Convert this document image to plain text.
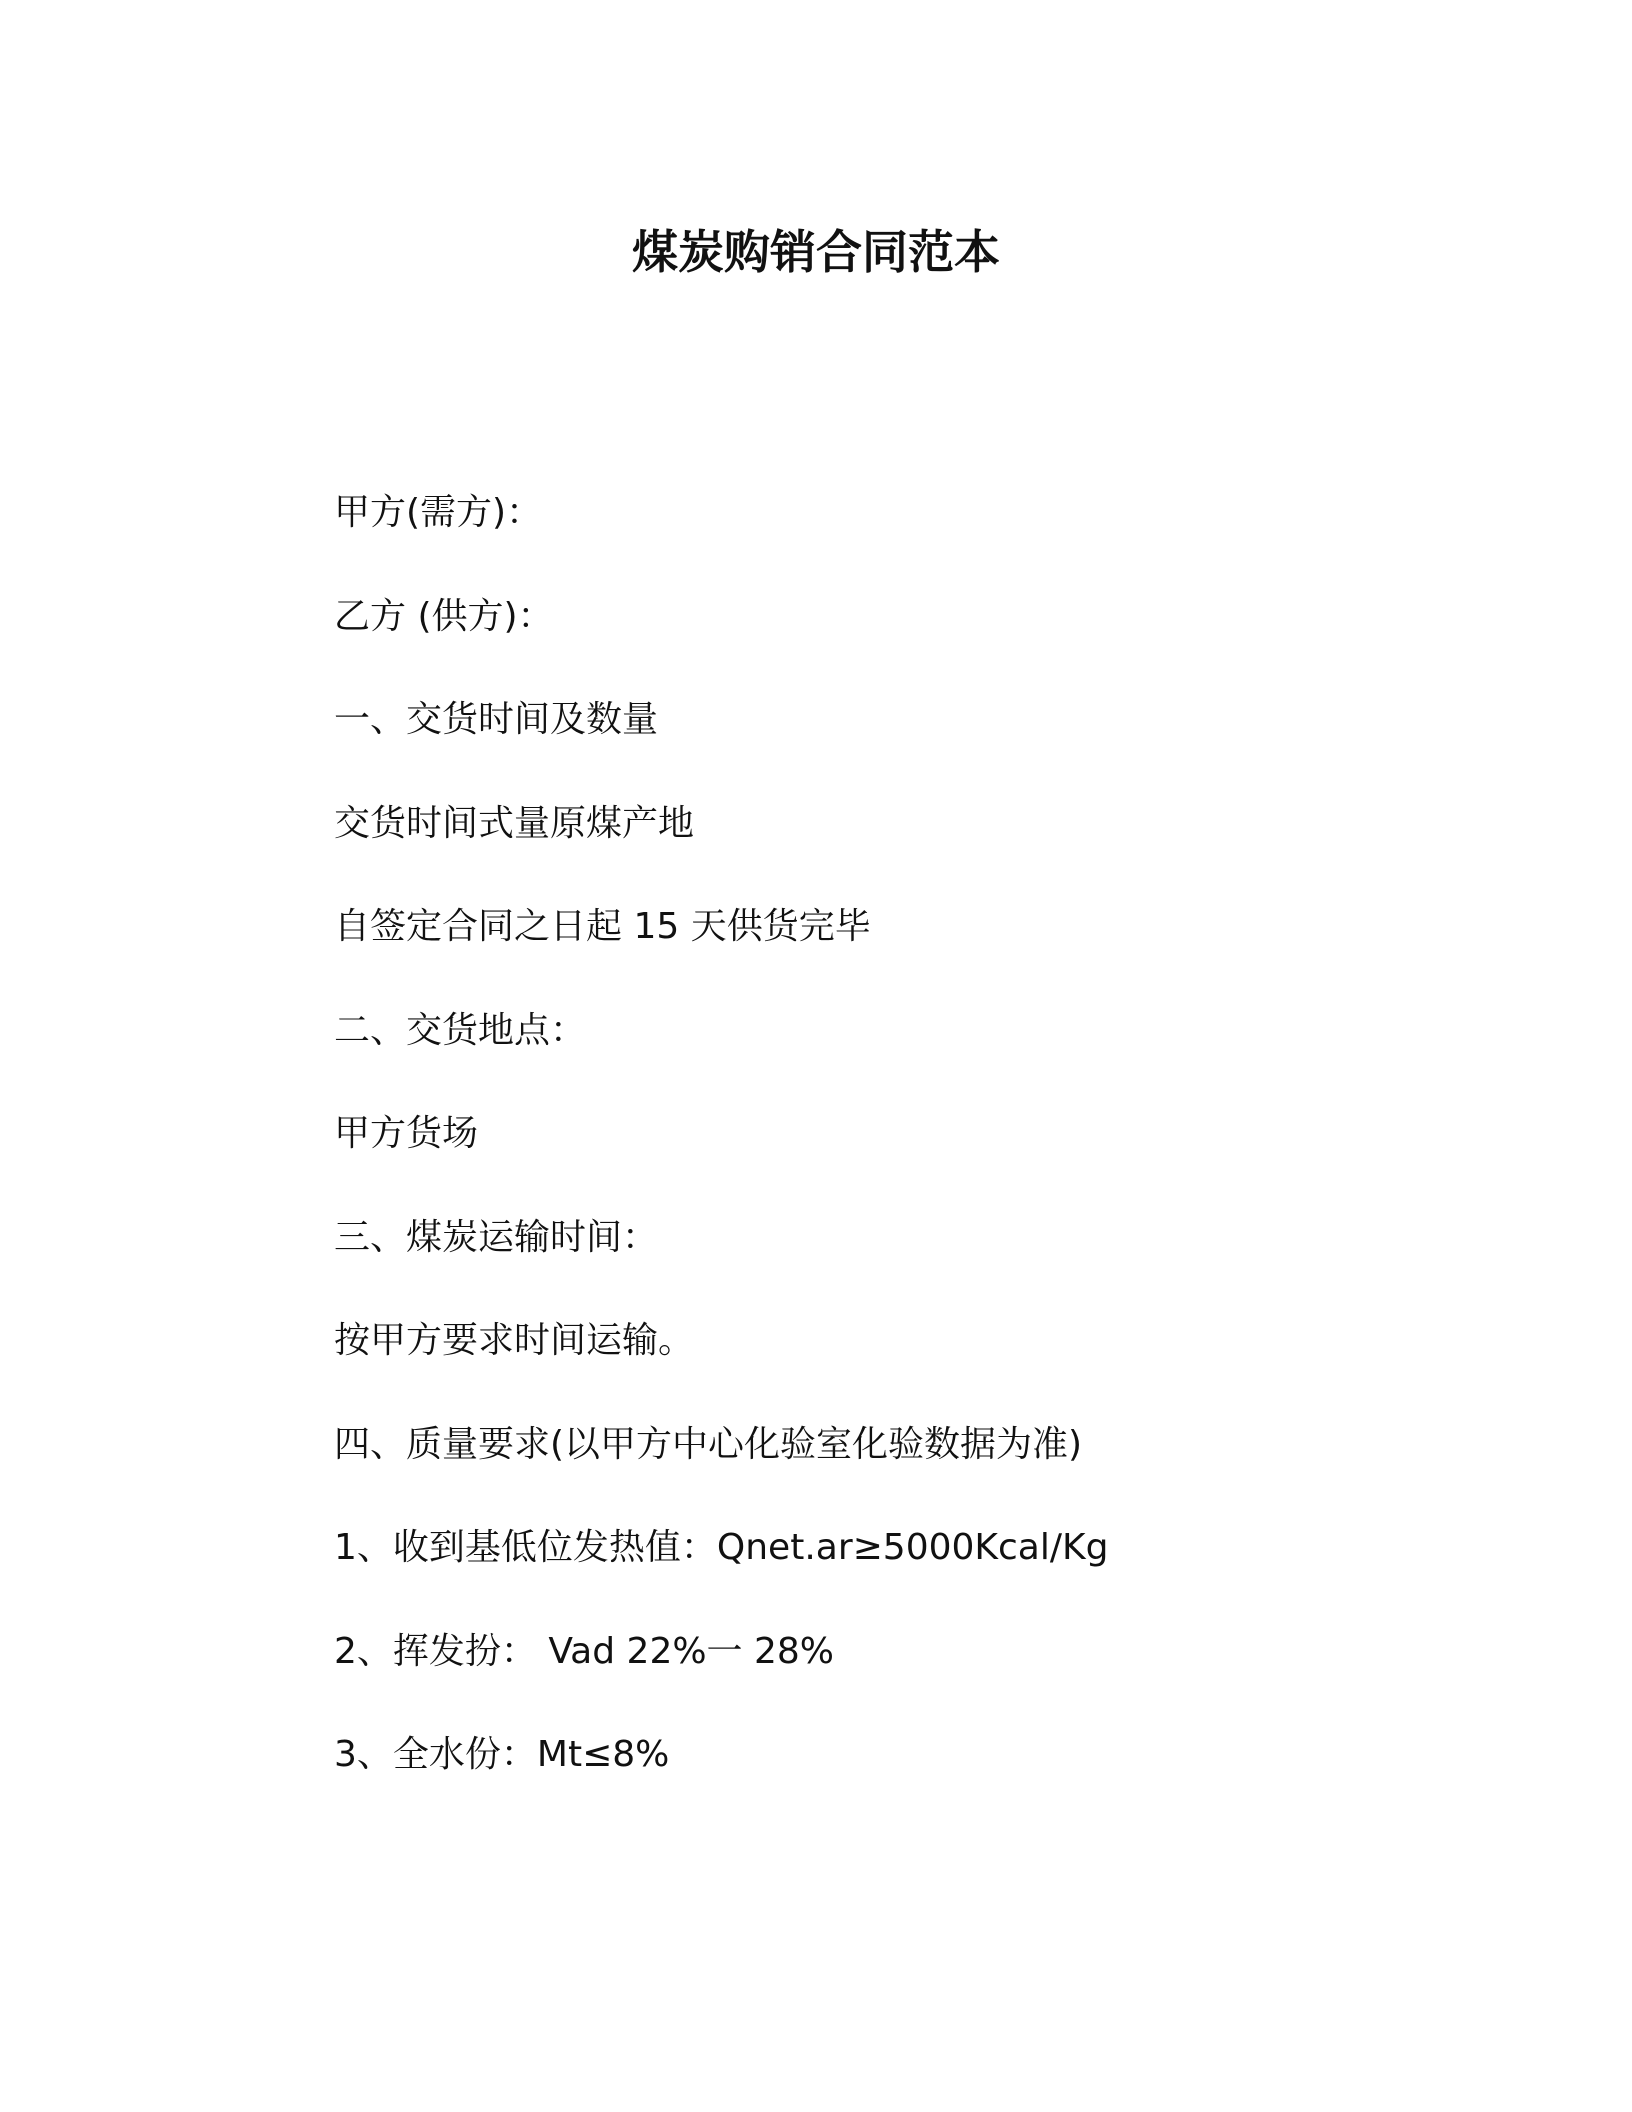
煤炭购销合同范本

甲方(需方)：

乙方 (供方)：

一、交货时间及数量

交货时间式量原煤产地

自签定合同之日起 15 天供货完毕

二、交货地点：

甲方货场

三、煤炭运输时间：

按甲方要求时间运输。

四、质量要求(以甲方中心化验室化验数据为准)

1、收到基低位发热值：Qnet.ar≥5000Kcal/Kg

2、挥发扮： Vad 22%一 28%

3、全水份：Mt≤8%
